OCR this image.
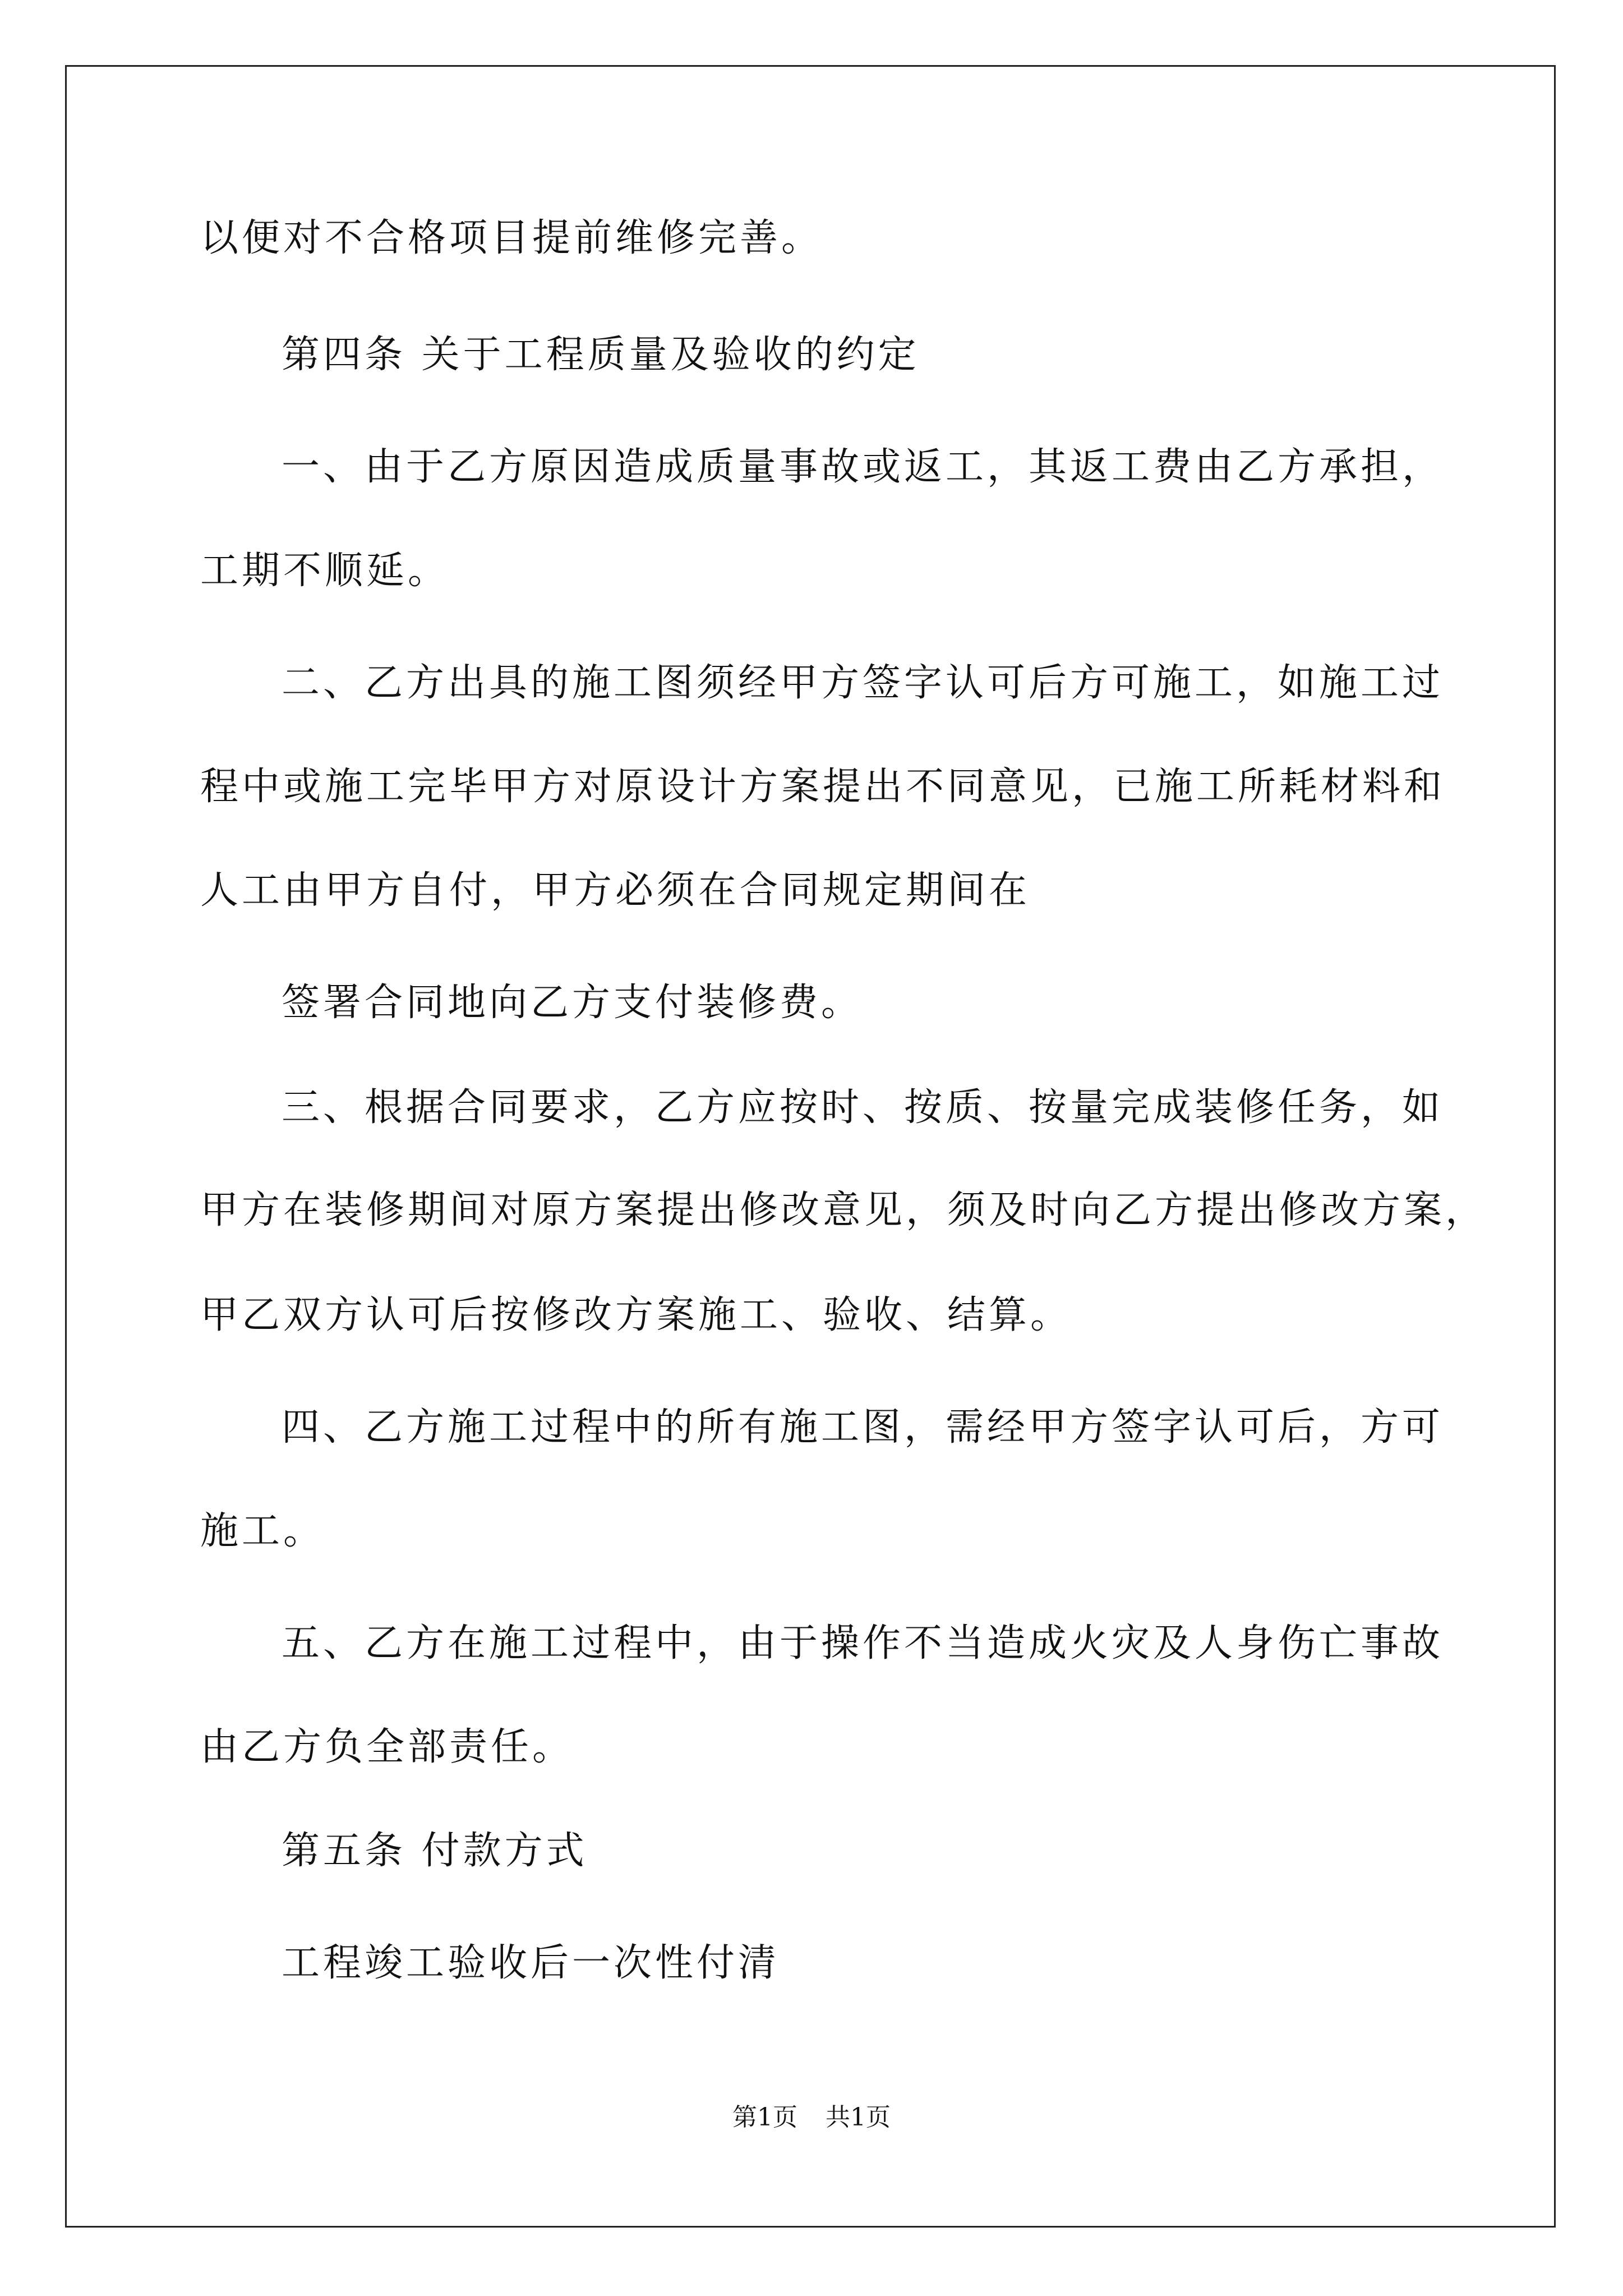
以便对不合格项目提前维修完善。
第四条 关于工程质量及验收的约定
一、由于乙方原因造成质量事故或返工，其返工费由乙方承担，
工期不顺延。
二、乙方出具的施工图须经甲方签字认可后方可施工，如施工过
程中或施工完毕甲方对原设计方案提出不同意见，已施工所耗材料和
人工由甲方自付，甲方必须在合同规定期间在
签署合同地向乙方支付装修费。
三、根据合同要求，乙方应按时、按质、按量完成装修任务，如
甲方在装修期间对原方案提出修改意见，须及时向乙方提出修改方案，
甲乙双方认可后按修改方案施工、验收、结算。
四、乙方施工过程中的所有施工图，需经甲方签字认可后，方可
施工。
五、乙方在施工过程中，由于操作不当造成火灾及人身伤亡事故
由乙方负全部责任。
第五条 付款方式
工程竣工验收后一次性付清
第1页 共1页
